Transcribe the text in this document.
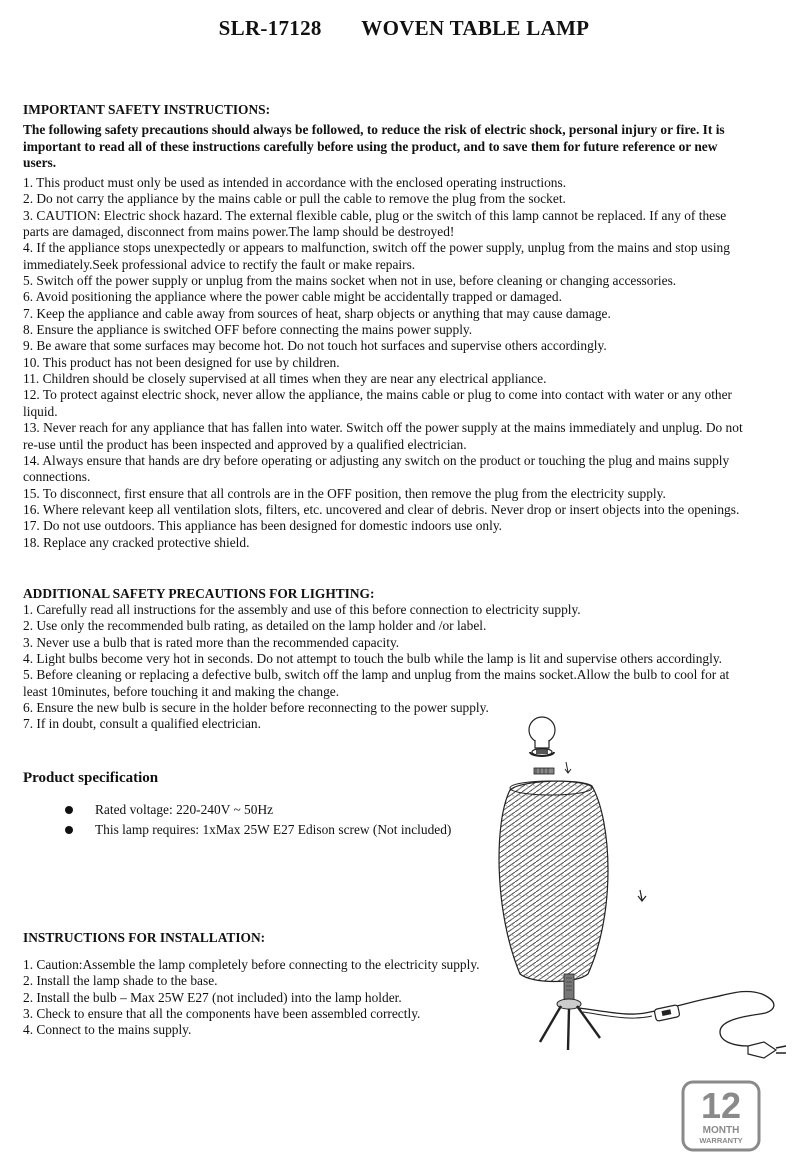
SLR-17128 WOVEN TABLE LAMP
IMPORTANT SAFETY INSTRUCTIONS:
The following safety precautions should always be followed, to reduce the risk of electric shock, personal injury or fire. It is important to read all of these instructions carefully before using the product, and to save them for future reference or new users.
1. This product must only be used as intended in accordance with the enclosed operating instructions.
2. Do not carry the appliance by the mains cable or pull the cable to remove the plug from the socket.
3. CAUTION: Electric shock hazard. The external flexible cable, plug or the switch of this lamp cannot be replaced. If any of these parts are damaged, disconnect from mains power.The lamp should be destroyed!
4. If the appliance stops unexpectedly or appears to malfunction, switch off the power supply, unplug from the mains and stop using immediately.Seek professional advice to rectify the fault or make repairs.
5. Switch off the power supply or unplug from the mains socket when not in use, before cleaning or changing accessories.
6. Avoid positioning the appliance where the power cable might be accidentally trapped or damaged.
7. Keep the appliance and cable away from sources of heat, sharp objects or anything that may cause damage.
8. Ensure the appliance is switched OFF before connecting the mains power supply.
9. Be aware that some surfaces may become hot. Do not touch hot surfaces and supervise others accordingly.
10. This product has not been designed for use by children.
11. Children should be closely supervised at all times when they are near any electrical appliance.
12. To protect against electric shock, never allow the appliance, the mains cable or plug to come into contact with water or any other liquid.
13. Never reach for any appliance that has fallen into water. Switch off the power supply at the mains immediately and unplug. Do not re-use until the product has been inspected and approved by a qualified electrician.
14. Always ensure that hands are dry before operating or adjusting any switch on the product or touching the plug and mains supply connections.
15. To disconnect, first ensure that all controls are in the OFF position, then remove the plug from the electricity supply.
16. Where relevant keep all ventilation slots, filters, etc. uncovered and clear of debris. Never drop or insert objects into the openings.
17. Do not use outdoors. This appliance has been designed for domestic indoors use only.
18. Replace any cracked protective shield.
ADDITIONAL SAFETY PRECAUTIONS FOR LIGHTING:
1. Carefully read all instructions for the assembly and use of this before connection to electricity supply.
2. Use only the recommended bulb rating, as detailed on the lamp holder and /or label.
3. Never use a bulb that is rated more than the recommended capacity.
4. Light bulbs become very hot in seconds. Do not attempt to touch the bulb while the lamp is lit and supervise others accordingly.
5. Before cleaning or replacing a defective bulb, switch off the lamp and unplug from the mains socket.Allow the bulb to cool for at least 10minutes, before touching it and making the change.
6. Ensure the new bulb is secure in the holder before reconnecting to the power supply.
7. If in doubt, consult a qualified electrician.
Product specification
Rated voltage: 220-240V ~ 50Hz
This lamp requires: 1xMax 25W E27 Edison screw (Not included)
INSTRUCTIONS FOR INSTALLATION:
1. Caution:Assemble the lamp completely before connecting to the electricity supply.
2. Install the lamp shade to the base.
2. Install the bulb – Max 25W E27 (not included) into the lamp holder.
3. Check to ensure that all the components have been assembled correctly.
4. Connect to the mains supply.
12
MONTH
WARRANTY
